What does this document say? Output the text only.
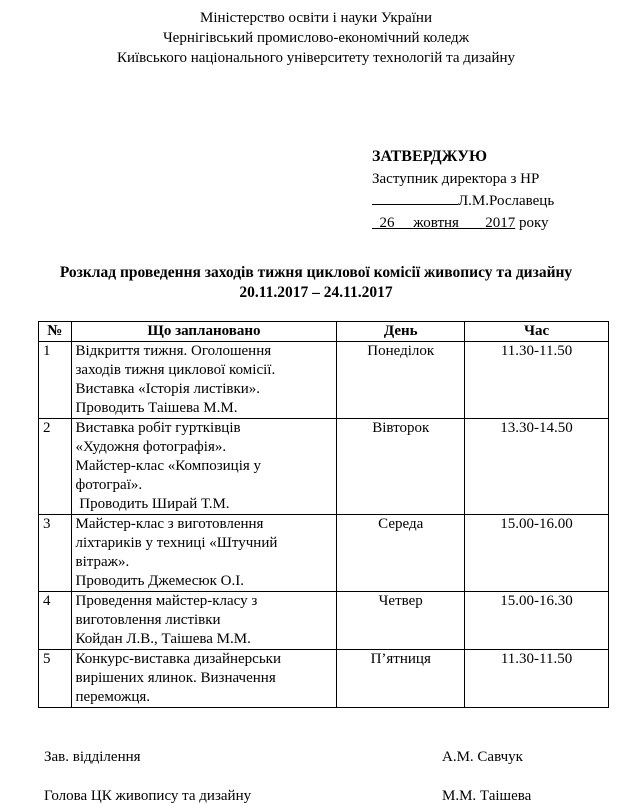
Міністерство освіти і науки України
Чернігівський промислово-економічний коледж
Київського національного університету технологій та дизайну
ЗАТВЕРДЖУЮ
Заступник директора з НР
Л.М.Рославець
26 жовтня 2017 року
Розклад проведення заходів тижня циклової комісії живопису та дизайну
20.11.2017 – 24.11.2017
№	Що заплановано	День	Час
1	Відкриття тижня. Оголошення
заходів тижня циклової комісії.
Виставка «Історія листівки».
Проводить Таішева М.М.	Понеділок	11.30-11.50
2	Виставка робіт гуртківців
«Художня фотографія».
Майстер-клас «Композиція у
фотограї».
Проводить Ширай Т.М.	Вівторок	13.30-14.50
3	Майстер-клас з виготовлення
ліхтариків у техниці «Штучний
вітраж».
Проводить Джемесюк О.І.	Середа	15.00-16.00
4	Проведення майстер-класу з
виготовлення листівки
Койдан Л.В., Таішева М.М.	Четвер	15.00-16.30
5	Конкурс-виставка дизайнерськи
вирішених ялинок. Визначення
переможця.	П’ятниця	11.30-11.50
Зав. відділення	А.М. Савчук
Голова ЦК живопису та дизайну	М.М. Таішева
